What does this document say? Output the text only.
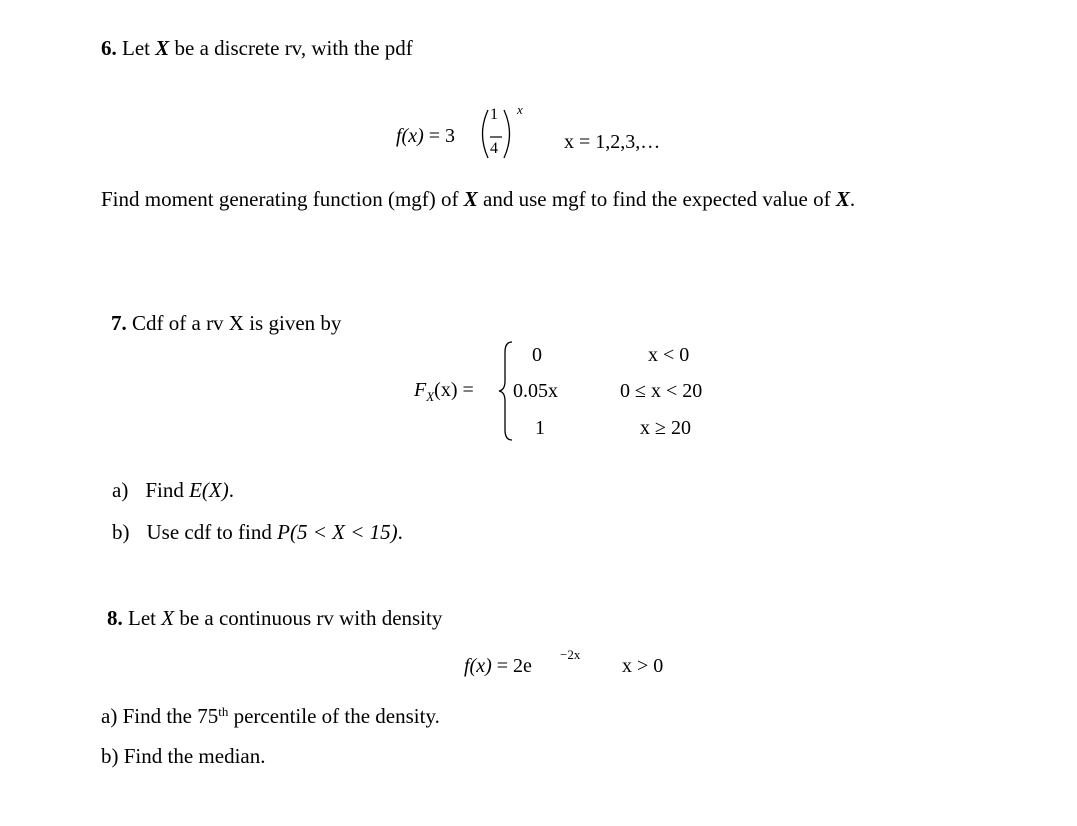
6. Let X be a discrete rv, with the pdf
f(x) = 3
1
4
x
x = 1,2,3,…
Find moment generating function (mgf) of X and use mgf to find the expected value of X.
7. Cdf of a rv X is given by
$F_X(x)$ =
0	x < 0
0.05x	0 ≤ x < 20
1	x ≥ 20
a) Find E(X).
b) Use cdf to find P(5 < X < 15).
8. Let X be a continuous rv with density
f(x) = 2e
−2x
x > 0
a) Find the 75th percentile of the density.
b) Find the median.
